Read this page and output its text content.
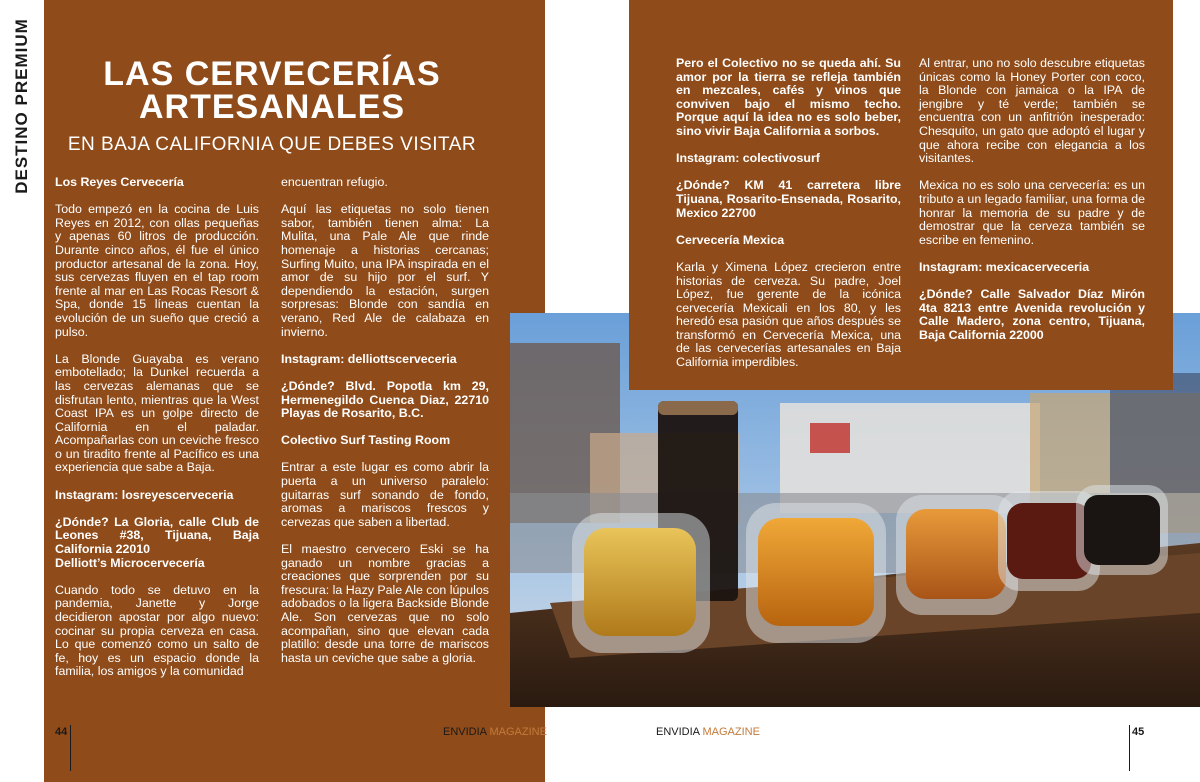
DESTINO PREMIUM	LAS CERVECERÍAS
ARTESANALES
EN BAJA CALIFORNIA QUE DEBES VISITAR

Los Reyes Cervecería

Todo empezó en la cocina de Luis Reyes en 2012, con ollas pequeñas y apenas 60 litros de producción. Durante cinco años, él fue el único productor artesanal de la zona. Hoy, sus cervezas fluyen en el tap room frente al mar en Las Rocas Resort & Spa, donde 15 líneas cuentan la evolución de un sueño que creció a pulso.

La Blonde Guayaba es verano embotellado; la Dunkel recuerda a las cervezas alemanas que se disfrutan lento, mientras que la West Coast IPA es un golpe directo de California en el paladar. Acompañarlas con un ceviche fresco o un tiradito frente al Pacífico es una experiencia que sabe a Baja.

Instagram: losreyescerveceria

¿Dónde? La Gloria, calle Club de Leones #38, Tijuana, Baja California 22010

Delliott’s Microcervecería

Cuando todo se detuvo en la pandemia, Janette y Jorge decidieron apostar por algo nuevo: cocinar su propia cerveza en casa. Lo que comenzó como un salto de fe, hoy es un espacio donde la familia, los amigos y la comunidad

encuentran refugio.

Aquí las etiquetas no solo tienen sabor, también tienen alma: La Mulita, una Pale Ale que rinde homenaje a historias cercanas; Surfing Muito, una IPA inspirada en el amor de su hijo por el surf. Y dependiendo la estación, surgen sorpresas: Blonde con sandía en verano, Red Ale de calabaza en invierno.

Instagram: delliottscerveceria

¿Dónde? Blvd. Popotla km 29, Hermenegildo Cuenca Diaz, 22710 Playas de Rosarito, B.C.

Colectivo Surf Tasting Room

Entrar a este lugar es como abrir la puerta a un universo paralelo: guitarras surf sonando de fondo, aromas a mariscos frescos y cervezas que saben a libertad.

El maestro cervecero Eski se ha ganado un nombre gracias a creaciones que sorprenden por su frescura: la Hazy Pale Ale con lúpulos adobados o la ligera Backside Blonde Ale. Son cervezas que no solo acompañan, sino que elevan cada platillo: desde una torre de mariscos hasta un ceviche que sabe a gloria.

44	ENVIDIA MAGAZINE

Pero el Colectivo no se queda ahí. Su amor por la tierra se refleja también en mezcales, cafés y vinos que conviven bajo el mismo techo. Porque aquí la idea no es solo beber, sino vivir Baja California a sorbos.

Instagram: colectivosurf

¿Dónde? KM 41 carretera libre Tijuana, Rosarito-Ensenada, Rosarito, Mexico 22700

Cervecería Mexica

Karla y Ximena López crecieron entre historias de cerveza. Su padre, Joel López, fue gerente de la icónica cervecería Mexicali en los 80, y les heredó esa pasión que años después se transformó en Cervecería Mexica, una de las cervecerías artesanales en Baja California imperdibles.

Al entrar, uno no solo descubre etiquetas únicas como la Honey Porter con coco, la Blonde con jamaica o la IPA de jengibre y té verde; también se encuentra con un anfitrión inesperado: Chesquito, un gato que adoptó el lugar y que ahora recibe con elegancia a los visitantes.

Mexica no es solo una cervecería: es un tributo a un legado familiar, una forma de honrar la memoria de su padre y de demostrar que la cerveza también se escribe en femenino.

Instagram: mexicacerveceria

¿Dónde? Calle Salvador Díaz Mirón 4ta 8213 entre Avenida revolución y Calle Madero, zona centro, Tijuana, Baja California 22000

ENVIDIA MAGAZINE	45
